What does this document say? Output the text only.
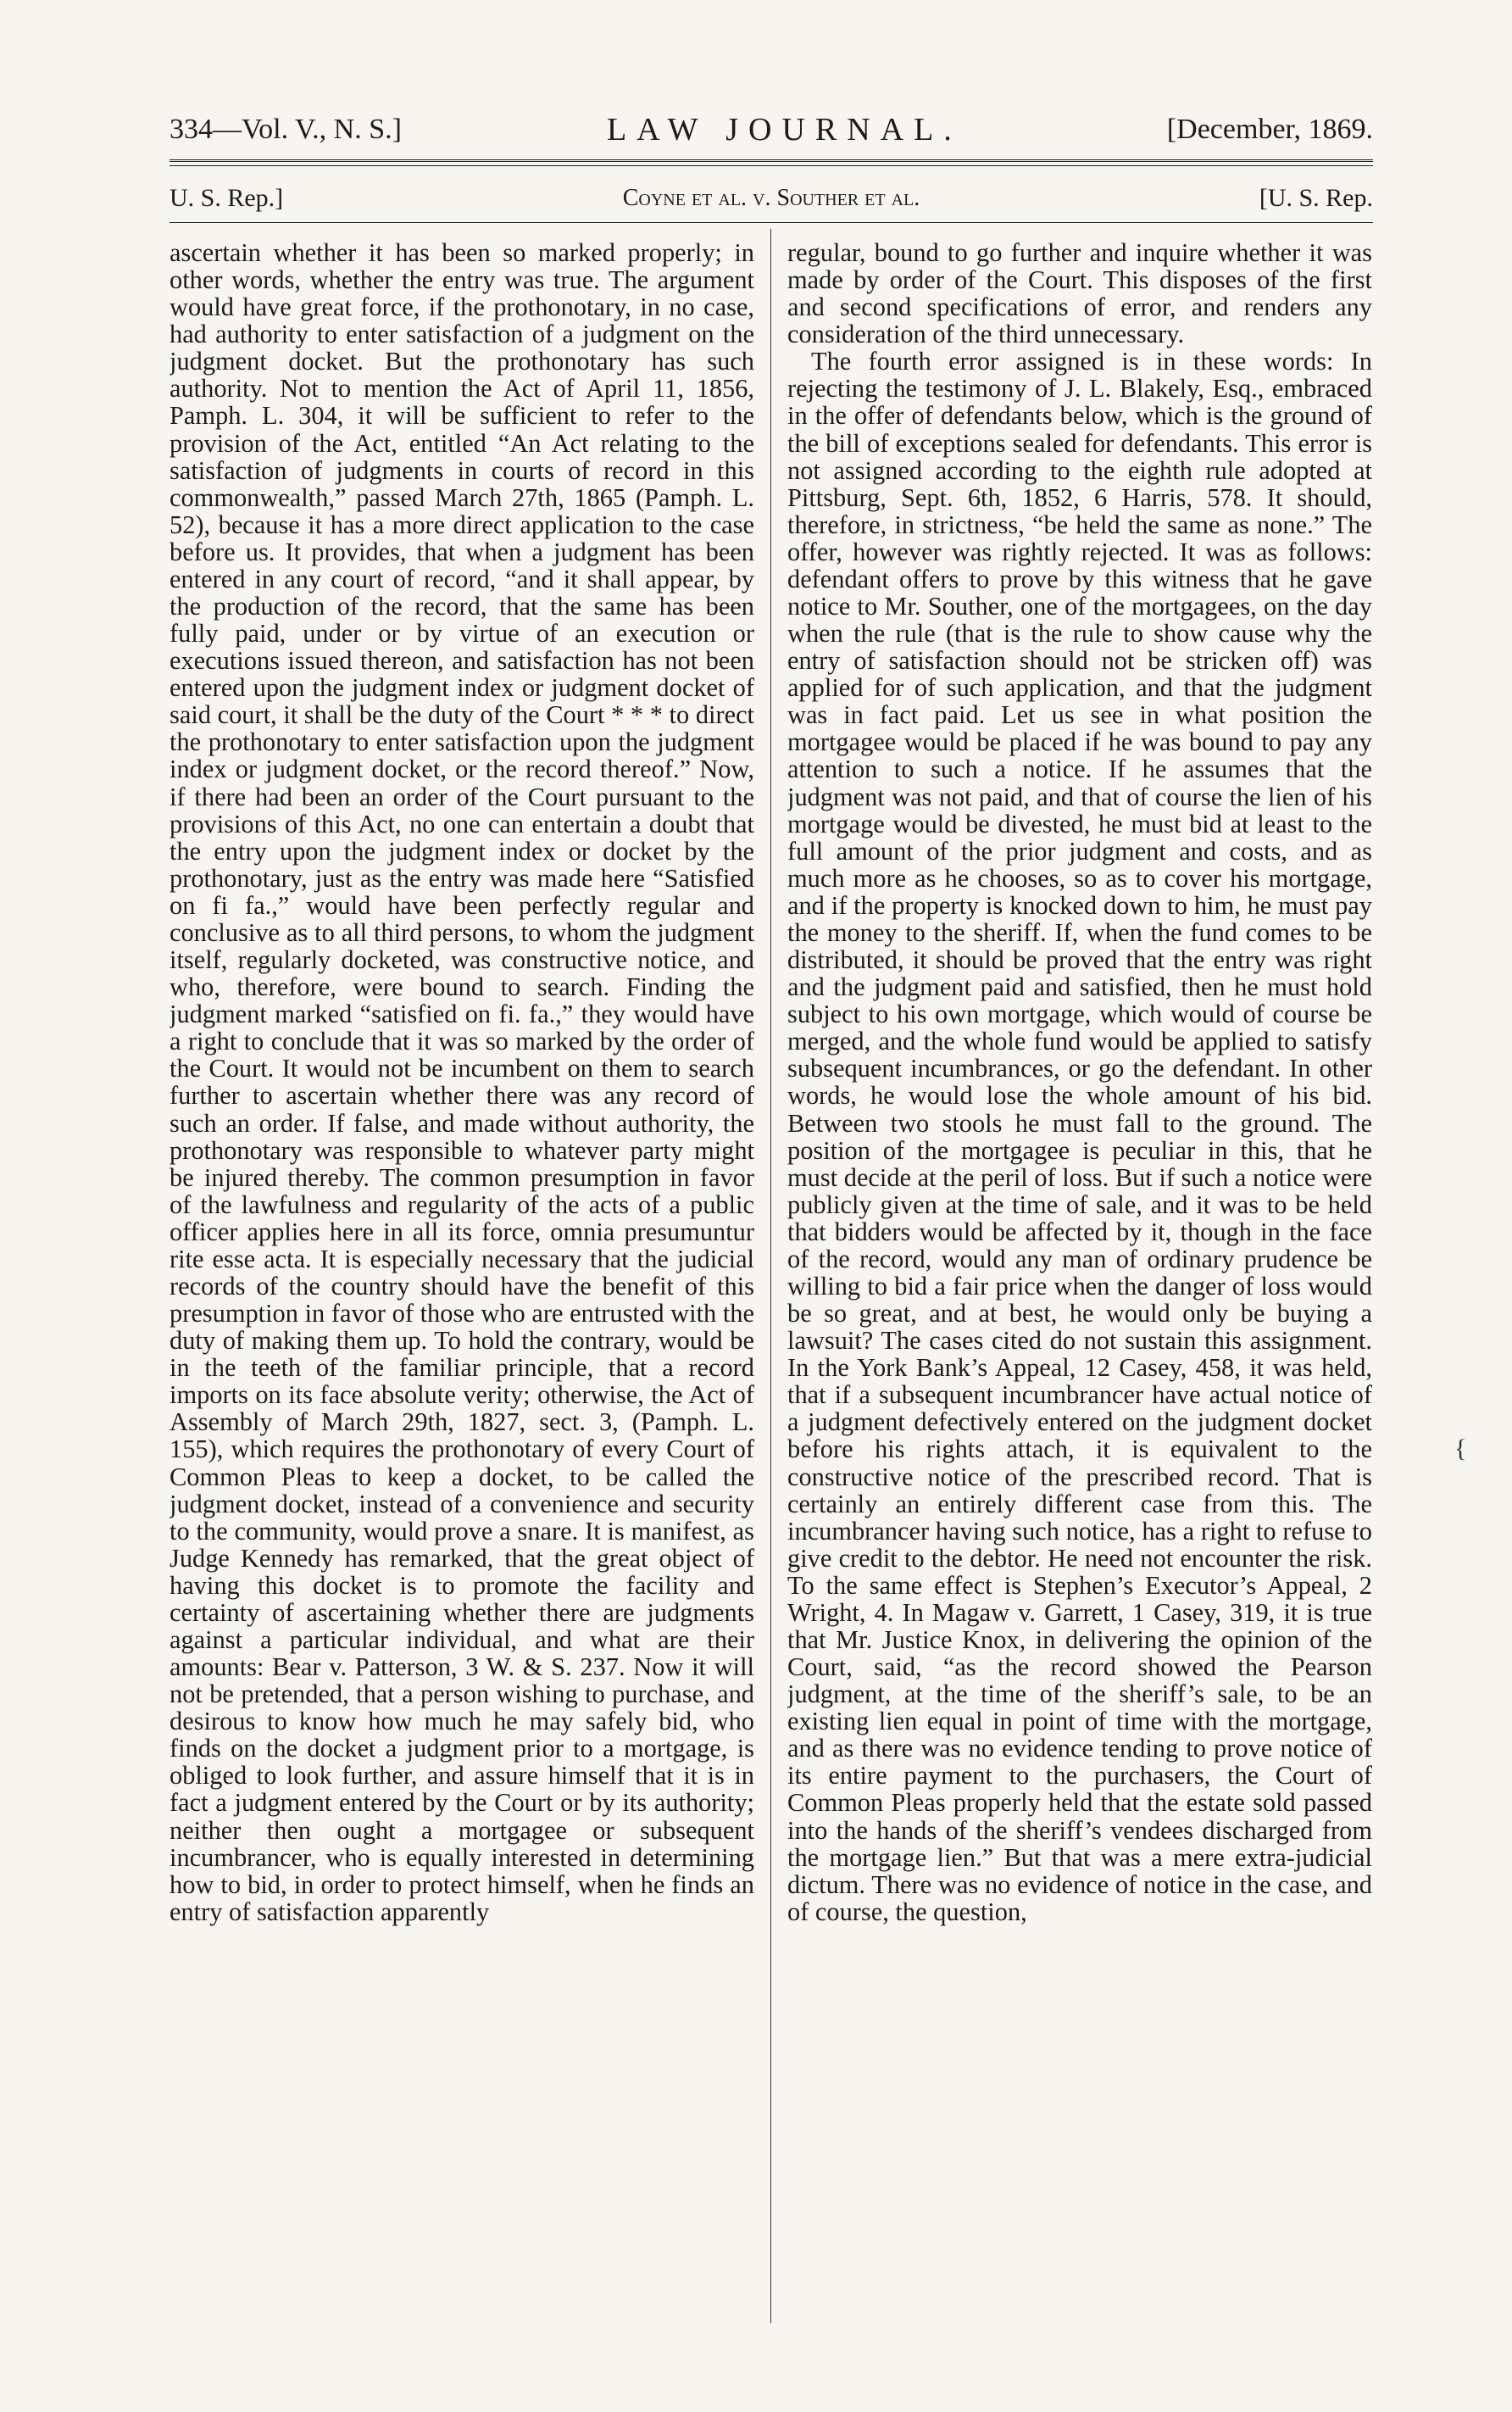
334—Vol. V., N. S.]	LAW JOURNAL.	[December, 1869.
U. S. Rep.]	Coyne et al. v. Souther et al.	[U. S. Rep.

ascertain whether it has been so marked properly; in other words, whether the entry was true. The argument would have great force, if the prothonotary, in no case, had authority to enter satisfaction of a judgment on the judgment docket. But the prothonotary has such authority. Not to mention the Act of April 11, 1856, Pamph. L. 304, it will be sufficient to refer to the provision of the Act, entitled “An Act relating to the satisfaction of judgments in courts of record in this commonwealth,” passed March 27th, 1865 (Pamph. L. 52), because it has a more direct application to the case before us. It provides, that when a judgment has been entered in any court of record, “and it shall appear, by the production of the record, that the same has been fully paid, under or by virtue of an execution or executions issued thereon, and satisfaction has not been entered upon the judgment index or judgment docket of said court, it shall be the duty of the Court * * * to direct the prothonotary to enter satisfaction upon the judgment index or judgment docket, or the record thereof.” Now, if there had been an order of the Court pursuant to the provisions of this Act, no one can entertain a doubt that the entry upon the judgment index or docket by the prothonotary, just as the entry was made here “Satisfied on fi fa.,” would have been perfectly regular and conclusive as to all third persons, to whom the judgment itself, regularly docketed, was constructive notice, and who, therefore, were bound to search. Finding the judgment marked “satisfied on fi. fa.,” they would have a right to conclude that it was so marked by the order of the Court. It would not be incumbent on them to search further to ascertain whether there was any record of such an order. If false, and made without authority, the prothonotary was responsible to whatever party might be injured thereby. The common presumption in favor of the lawfulness and regularity of the acts of a public officer applies here in all its force, omnia presumuntur rite esse acta. It is especially necessary that the judicial records of the country should have the benefit of this presumption in favor of those who are entrusted with the duty of making them up. To hold the contrary, would be in the teeth of the familiar principle, that a record imports on its face absolute verity; otherwise, the Act of Assembly of March 29th, 1827, sect. 3, (Pamph. L. 155), which requires the prothonotary of every Court of Common Pleas to keep a docket, to be called the judgment docket, instead of a convenience and security to the community, would prove a snare. It is manifest, as Judge Kennedy has remarked, that the great object of having this docket is to promote the facility and certainty of ascertaining whether there are judgments against a particular individual, and what are their amounts: Bear v. Patterson, 3 W. & S. 237. Now it will not be pretended, that a person wishing to purchase, and desirous to know how much he may safely bid, who finds on the docket a judgment prior to a mortgage, is obliged to look further, and assure himself that it is in fact a judgment entered by the Court or by its authority; neither then ought a mortgagee or subsequent incumbrancer, who is equally interested in determining how to bid, in order to protect himself, when he finds an entry of satisfaction apparently

regular, bound to go further and inquire whether it was made by order of the Court. This disposes of the first and second specifications of error, and renders any consideration of the third unnecessary.

The fourth error assigned is in these words: In rejecting the testimony of J. L. Blakely, Esq., embraced in the offer of defendants below, which is the ground of the bill of exceptions sealed for defendants. This error is not assigned according to the eighth rule adopted at Pittsburg, Sept. 6th, 1852, 6 Harris, 578. It should, therefore, in strictness, “be held the same as none.” The offer, however was rightly rejected. It was as follows: defendant offers to prove by this witness that he gave notice to Mr. Souther, one of the mortgagees, on the day when the rule (that is the rule to show cause why the entry of satisfaction should not be stricken off) was applied for of such application, and that the judgment was in fact paid. Let us see in what position the mortgagee would be placed if he was bound to pay any attention to such a notice. If he assumes that the judgment was not paid, and that of course the lien of his mortgage would be divested, he must bid at least to the full amount of the prior judgment and costs, and as much more as he chooses, so as to cover his mortgage, and if the property is knocked down to him, he must pay the money to the sheriff. If, when the fund comes to be distributed, it should be proved that the entry was right and the judgment paid and satisfied, then he must hold subject to his own mortgage, which would of course be merged, and the whole fund would be applied to satisfy subsequent incumbrances, or go the defendant. In other words, he would lose the whole amount of his bid. Between two stools he must fall to the ground. The position of the mortgagee is peculiar in this, that he must decide at the peril of loss. But if such a notice were publicly given at the time of sale, and it was to be held that bidders would be affected by it, though in the face of the record, would any man of ordinary prudence be willing to bid a fair price when the danger of loss would be so great, and at best, he would only be buying a lawsuit? The cases cited do not sustain this assignment. In the York Bank’s Appeal, 12 Casey, 458, it was held, that if a subsequent incumbrancer have actual notice of a judgment defectively entered on the judgment docket before his rights attach, it is equivalent to the constructive notice of the prescribed record. That is certainly an entirely different case from this. The incumbrancer having such notice, has a right to refuse to give credit to the debtor. He need not encounter the risk. To the same effect is Stephen’s Executor’s Appeal, 2 Wright, 4. In Magaw v. Garrett, 1 Casey, 319, it is true that Mr. Justice Knox, in delivering the opinion of the Court, said, “as the record showed the Pearson judgment, at the time of the sheriff’s sale, to be an existing lien equal in point of time with the mortgage, and as there was no evidence tending to prove notice of its entire payment to the purchasers, the Court of Common Pleas properly held that the estate sold passed into the hands of the sheriff’s vendees discharged from the mortgage lien.” But that was a mere extra-judicial dictum. There was no evidence of notice in the case, and of course, the question,

{
